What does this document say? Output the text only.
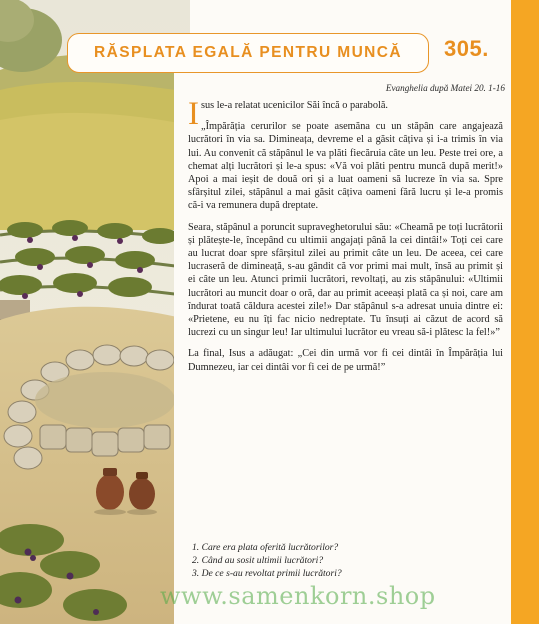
RĂSPLATA EGALĂ PENTRU MUNCĂ 305.
Evanghelia după Matei 20. 1-16

Isus le-a relatat ucenicilor Săi încă o parabolă.

„Împărăția cerurilor se poate asemăna cu un stăpân care angajează lucrători în via sa. Dimineața, devreme el a găsit câțiva și i-a trimis în via lui. Au convenit că stăpânul le va plăti fiecăruia câte un leu. Peste trei ore, a chemat alți lucrători și le-a spus: «Vă voi plăti pentru muncă după merit!» Apoi a mai ieșit de două ori și a luat oameni să lucreze în via sa. Spre sfârșitul zilei, stăpânul a mai găsit câțiva oameni fără lucru și le-a promis că-i va remunera după dreptate.

Seara, stăpânul a poruncit supraveghetorului său: «Cheamă pe toți lucrătorii și plătește-le, începând cu ultimii angajați până la cei dintâi!» Toți cei care au lucrat doar spre sfârșitul zilei au primit câte un leu. De aceea, cei care lucraseră de dimineață, s-au gândit că vor primi mai mult, însă au primit și ei câte un leu. Atunci primii lucrători, revoltați, au zis stăpânului: «Ultimii lucrători au muncit doar o oră, dar au primit aceeași plată ca și noi, care am îndurat toată căldura acestei zile!» Dar stăpânul s-a adresat unuia dintre ei: «Prietene, eu nu îți fac nicio nedreptate. Tu însuți ai căzut de acord să lucrezi cu un singur leu! Iar ultimului lucrător eu vreau să-i plătesc la fel!»”

La final, Isus a adăugat: „Cei din urmă vor fi cei dintâi în Împărăția lui Dumnezeu, iar cei dintâi vor fi cei de pe urmă!”

1. Care era plata oferită lucrătorilor?
2. Când au sosit ultimii lucrători?
3. De ce s-au revoltat primii lucrători?
www.samenkorn.shop
